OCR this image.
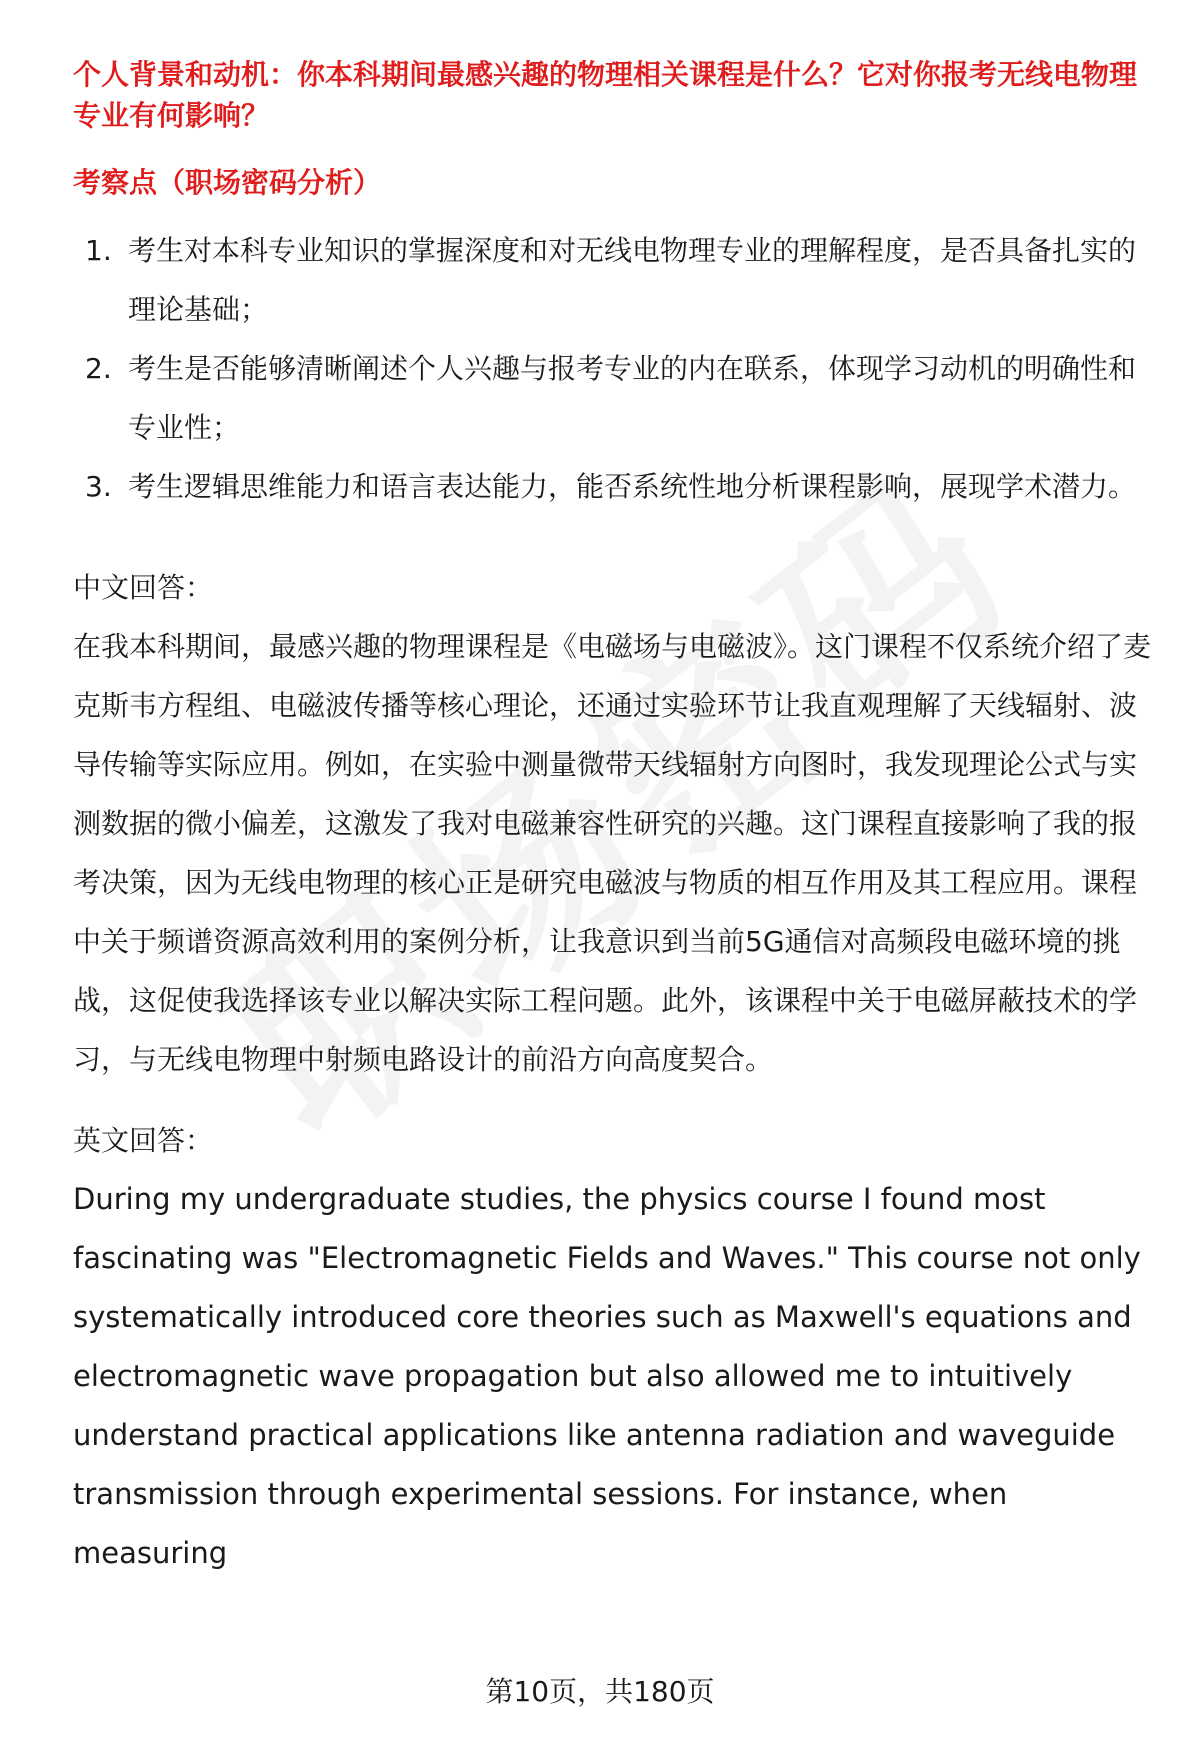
个人背景和动机：你本科期间最感兴趣的物理相关课程是什么？它对你报考无线电物理专业有何影响？
考察点（职场密码分析）
1. 考生对本科专业知识的掌握深度和对无线电物理专业的理解程度，是否具备扎实的理论基础；
2. 考生是否能够清晰阐述个人兴趣与报考专业的内在联系，体现学习动机的明确性和专业性；
3. 考生逻辑思维能力和语言表达能力，能否系统性地分析课程影响，展现学术潜力。
中文回答：
在我本科期间，最感兴趣的物理课程是《电磁场与电磁波》。这门课程不仅系统介绍了麦克斯韦方程组、电磁波传播等核心理论，还通过实验环节让我直观理解了天线辐射、波导传输等实际应用。例如，在实验中测量微带天线辐射方向图时，我发现理论公式与实测数据的微小偏差，这激发了我对电磁兼容性研究的兴趣。这门课程直接影响了我的报考决策，因为无线电物理的核心正是研究电磁波与物质的相互作用及其工程应用。课程中关于频谱资源高效利用的案例分析，让我意识到当前5G通信对高频段电磁环境的挑战，这促使我选择该专业以解决实际工程问题。此外，该课程中关于电磁屏蔽技术的学习，与无线电物理中射频电路设计的前沿方向高度契合。
英文回答：
During my undergraduate studies, the physics course I found most fascinating was "Electromagnetic Fields and Waves." This course not only systematically introduced core theories such as Maxwell's equations and electromagnetic wave propagation but also allowed me to intuitively understand practical applications like antenna radiation and waveguide transmission through experimental sessions. For instance, when measuring
第10页，共180页
